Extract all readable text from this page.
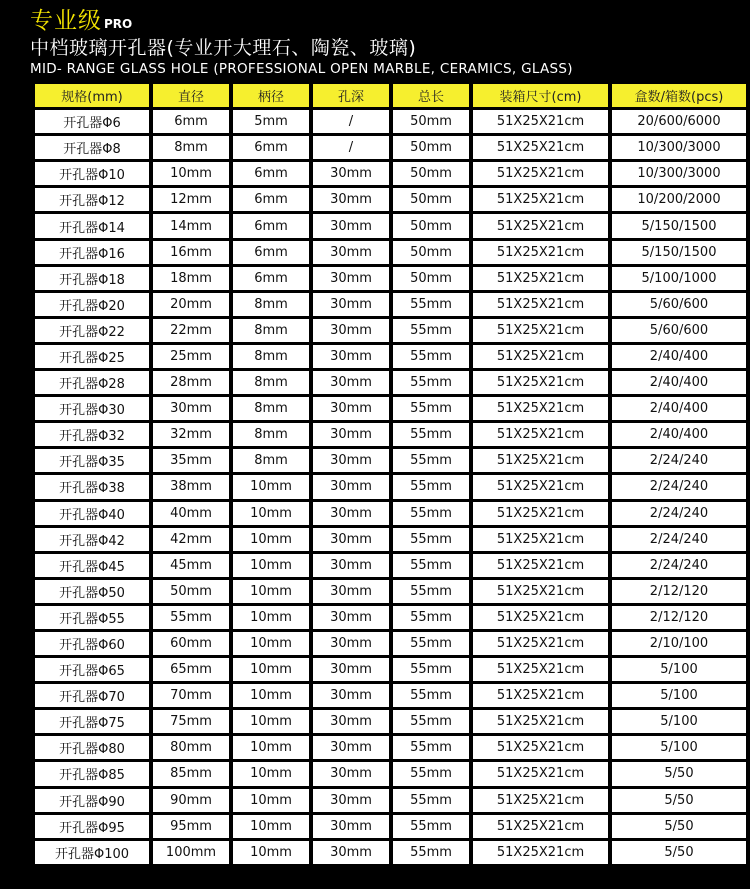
专业级 PRO
中档玻璃开孔器(专业开大理石、陶瓷、玻璃)
MID- RANGE GLASS HOLE (PROFESSIONAL OPEN MARBLE, CERAMICS, GLASS)
规格(mm)	直径	柄径	孔深	总长	装箱尺寸(cm)	盒数/箱数(pcs)
开孔器Φ6	6mm	5mm	/	50mm	51X25X21cm	20/600/6000
开孔器Φ8	8mm	6mm	/	50mm	51X25X21cm	10/300/3000
开孔器Φ10	10mm	6mm	30mm	50mm	51X25X21cm	10/300/3000
开孔器Φ12	12mm	6mm	30mm	50mm	51X25X21cm	10/200/2000
开孔器Φ14	14mm	6mm	30mm	50mm	51X25X21cm	5/150/1500
开孔器Φ16	16mm	6mm	30mm	50mm	51X25X21cm	5/150/1500
开孔器Φ18	18mm	6mm	30mm	50mm	51X25X21cm	5/100/1000
开孔器Φ20	20mm	8mm	30mm	55mm	51X25X21cm	5/60/600
开孔器Φ22	22mm	8mm	30mm	55mm	51X25X21cm	5/60/600
开孔器Φ25	25mm	8mm	30mm	55mm	51X25X21cm	2/40/400
开孔器Φ28	28mm	8mm	30mm	55mm	51X25X21cm	2/40/400
开孔器Φ30	30mm	8mm	30mm	55mm	51X25X21cm	2/40/400
开孔器Φ32	32mm	8mm	30mm	55mm	51X25X21cm	2/40/400
开孔器Φ35	35mm	8mm	30mm	55mm	51X25X21cm	2/24/240
开孔器Φ38	38mm	10mm	30mm	55mm	51X25X21cm	2/24/240
开孔器Φ40	40mm	10mm	30mm	55mm	51X25X21cm	2/24/240
开孔器Φ42	42mm	10mm	30mm	55mm	51X25X21cm	2/24/240
开孔器Φ45	45mm	10mm	30mm	55mm	51X25X21cm	2/24/240
开孔器Φ50	50mm	10mm	30mm	55mm	51X25X21cm	2/12/120
开孔器Φ55	55mm	10mm	30mm	55mm	51X25X21cm	2/12/120
开孔器Φ60	60mm	10mm	30mm	55mm	51X25X21cm	2/10/100
开孔器Φ65	65mm	10mm	30mm	55mm	51X25X21cm	5/100
开孔器Φ70	70mm	10mm	30mm	55mm	51X25X21cm	5/100
开孔器Φ75	75mm	10mm	30mm	55mm	51X25X21cm	5/100
开孔器Φ80	80mm	10mm	30mm	55mm	51X25X21cm	5/100
开孔器Φ85	85mm	10mm	30mm	55mm	51X25X21cm	5/50
开孔器Φ90	90mm	10mm	30mm	55mm	51X25X21cm	5/50
开孔器Φ95	95mm	10mm	30mm	55mm	51X25X21cm	5/50
开孔器Φ100	100mm	10mm	30mm	55mm	51X25X21cm	5/50
